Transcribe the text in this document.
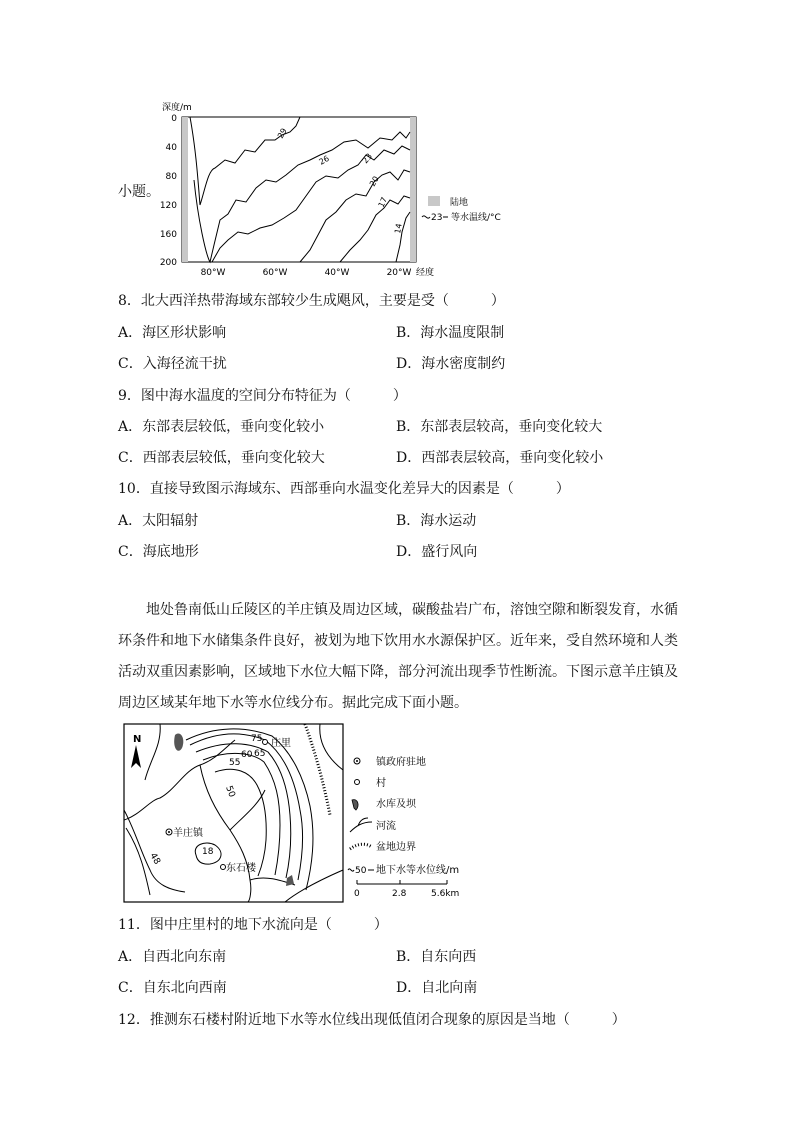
深度/m
0
40
80
120
160
200
80°W	60°W	40°W	20°W 经度
29
26	23
20
17
14
陆地
23 等水温线/°C
小题。
8．北大西洋热带海域东部较少生成飓风，主要是受（　　　）
A．海区形状影响	B．海水温度限制
C．入海径流干扰	D．海水密度制约
9．图中海水温度的空间分布特征为（　　　）
A．东部表层较低，垂向变化较小	B．东部表层较高，垂向变化较大
C．西部表层较低，垂向变化较大	D．西部表层较高，垂向变化较小
10．直接导致图示海域东、西部垂向水温变化差异大的因素是（　　　）
A．太阳辐射	B．海水运动
C．海底地形	D．盛行风向
地处鲁南低山丘陵区的羊庄镇及周边区域，碳酸盐岩广布，溶蚀空隙和断裂发育，水循环条件和地下水储集条件良好，被划为地下饮用水水源保护区。近年来，受自然环境和人类活动双重因素影响，区域地下水位大幅下降，部分河流出现季节性断流。下图示意羊庄镇及周边区域某年地下水等水位线分布。据此完成下面小题。
N	75
65
60
55
50
48	18
羊庄镇
庄里
东石楼
镇政府驻地
村
水库及坝
河流
盆地边界
50 地下水等水位线/m
0	2.8	5.6km
11．图中庄里村的地下水流向是（　　　）
A．自西北向东南	B．自东向西
C．自东北向西南	D．自北向南
12．推测东石楼村附近地下水等水位线出现低值闭合现象的原因是当地（　　　）
